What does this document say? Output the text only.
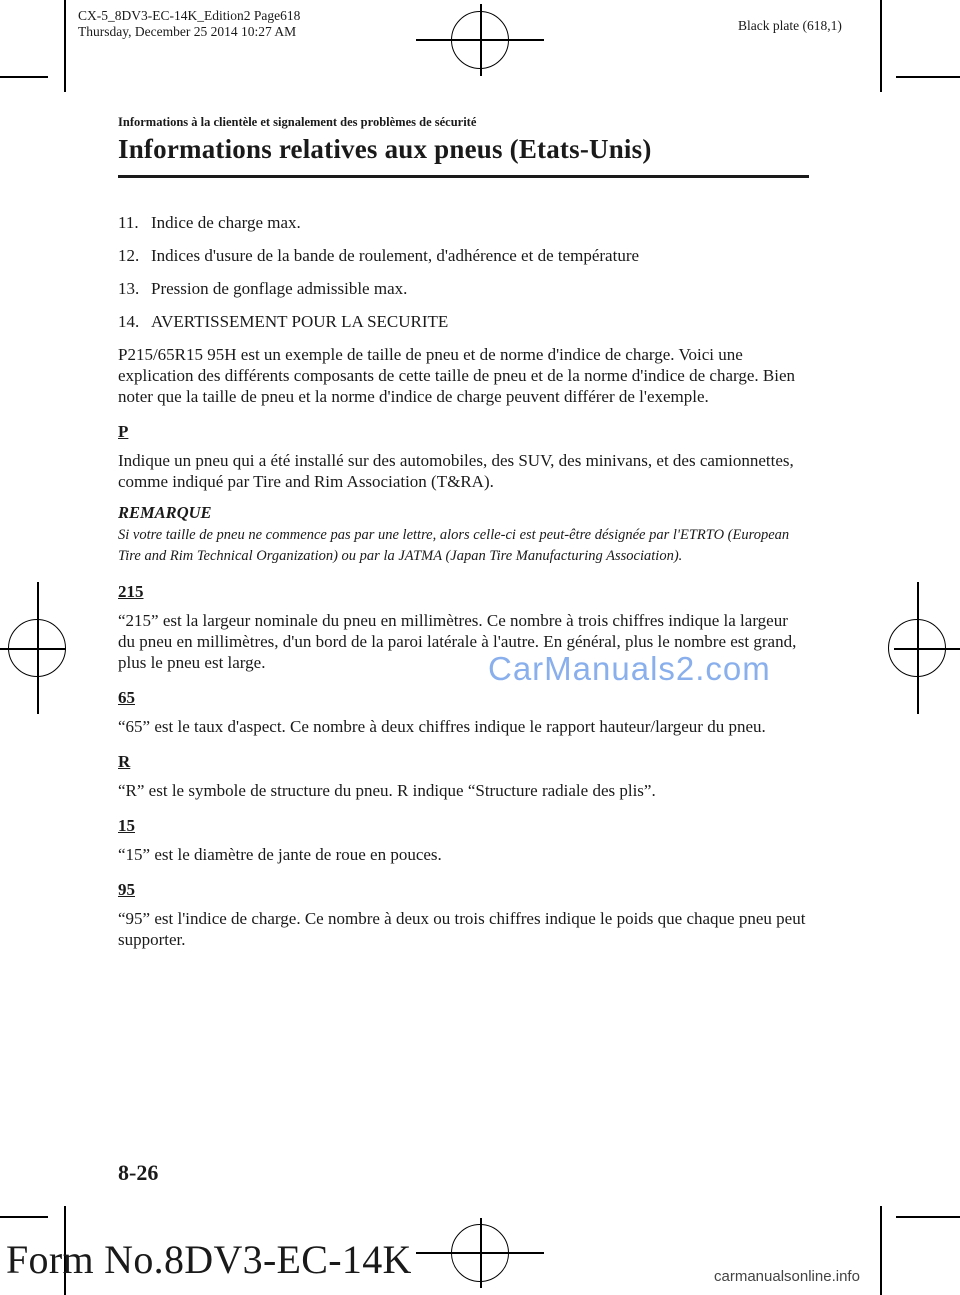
CX-5_8DV3-EC-14K_Edition2 Page618
Thursday, December 25 2014 10:27 AM	Black plate (618,1)
Informations à la clientèle et signalement des problèmes de sécurité
Informations relatives aux pneus (Etats-Unis)
11. Indice de charge max.
12. Indices d'usure de la bande de roulement, d'adhérence et de température
13. Pression de gonflage admissible max.
14. AVERTISSEMENT POUR LA SECURITE

P215/65R15 95H est un exemple de taille de pneu et de norme d'indice de charge. Voici une explication des différents composants de cette taille de pneu et de la norme d'indice de charge. Bien noter que la taille de pneu et la norme d'indice de charge peuvent différer de l'exemple.

P

Indique un pneu qui a été installé sur des automobiles, des SUV, des minivans, et des camionnettes, comme indiqué par Tire and Rim Association (T&RA).

REMARQUE
Si votre taille de pneu ne commence pas par une lettre, alors celle-ci est peut-être désignée par l'ETRTO (European Tire and Rim Technical Organization) ou par la JATMA (Japan Tire Manufacturing Association).
215

“215” est la largeur nominale du pneu en millimètres. Ce nombre à trois chiffres indique la largeur du pneu en millimètres, d'un bord de la paroi latérale à l'autre. En général, plus le nombre est grand, plus le pneu est large.

65

“65” est le taux d'aspect. Ce nombre à deux chiffres indique le rapport hauteur/largeur du pneu.

R

“R” est le symbole de structure du pneu. R indique “Structure radiale des plis”.

15

“15” est le diamètre de jante de roue en pouces.

95

“95” est l'indice de charge. Ce nombre à deux ou trois chiffres indique le poids que chaque pneu peut supporter.

CarManuals2.com
8-26
Form No.8DV3-EC-14K	carmanualsonline.info
